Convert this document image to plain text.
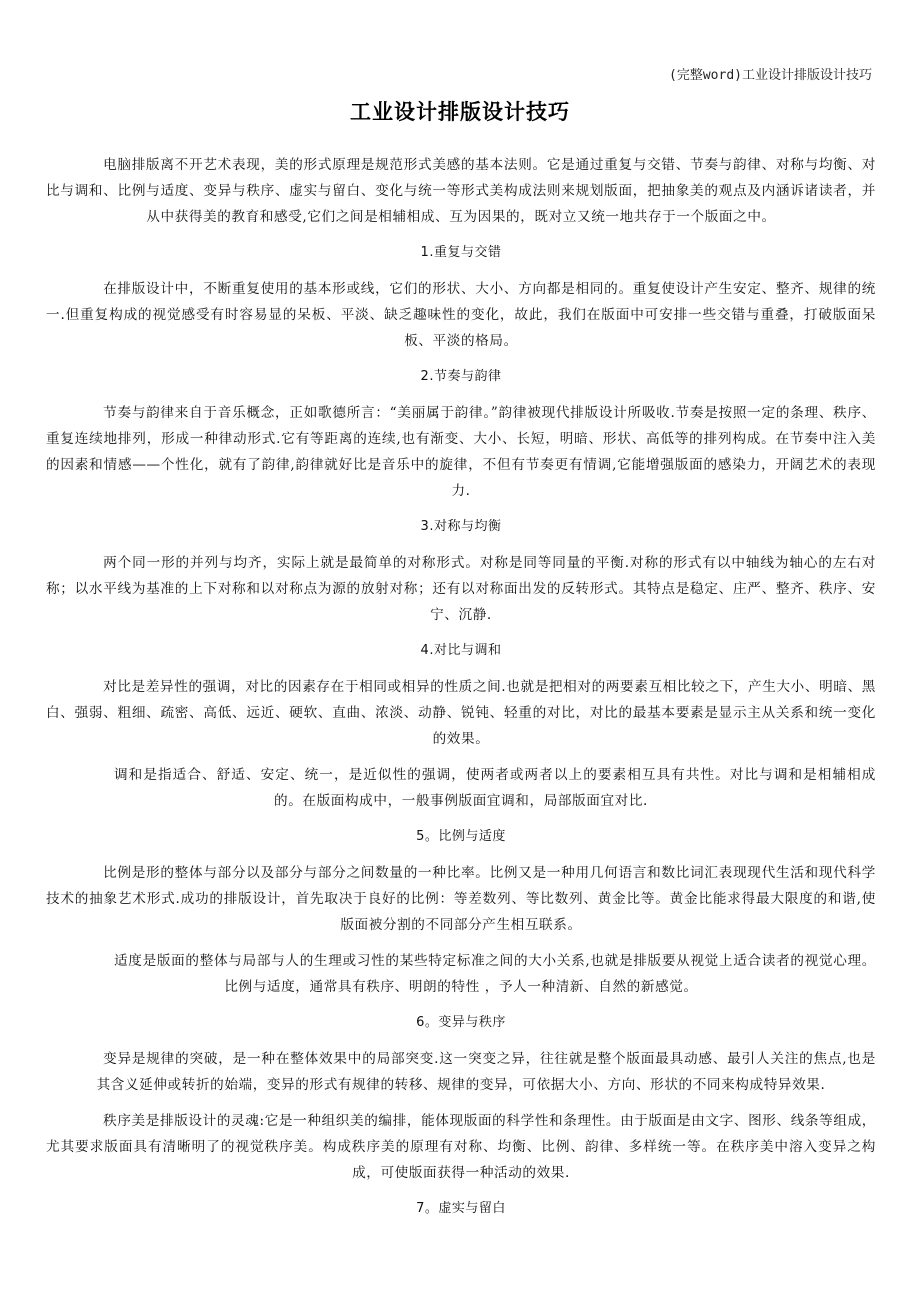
(完整word)工业设计排版设计技巧
工业设计排版设计技巧

电脑排版离不开艺术表现，美的形式原理是规范形式美感的基本法则。它是通过重复与交错、节奏与韵律、对称与均衡、对比与调和、比例与适度、变异与秩序、虚实与留白、变化与统一等形式美构成法则来规划版面，把抽象美的观点及内涵诉诸读者，并从中获得美的教育和感受,它们之间是相辅相成、互为因果的，既对立又统一地共存于一个版面之中。

1.重复与交错

在排版设计中，不断重复使用的基本形或线，它们的形状、大小、方向都是相同的。重复使设计产生安定、整齐、规律的统一.但重复构成的视觉感受有时容易显的呆板、平淡、缺乏趣味性的变化，故此，我们在版面中可安排一些交错与重叠，打破版面呆板、平淡的格局。

2.节奏与韵律

节奏与韵律来自于音乐概念，正如歌德所言：“美丽属于韵律。”韵律被现代排版设计所吸收.节奏是按照一定的条理、秩序、重复连续地排列，形成一种律动形式.它有等距离的连续,也有渐变、大小、长短，明暗、形状、高低等的排列构成。在节奏中注入美的因素和情感——个性化，就有了韵律,韵律就好比是音乐中的旋律，不但有节奏更有情调,它能增强版面的感染力，开阔艺术的表现力.

3.对称与均衡

两个同一形的并列与均齐，实际上就是最简单的对称形式。对称是同等同量的平衡.对称的形式有以中轴线为轴心的左右对称；以水平线为基准的上下对称和以对称点为源的放射对称；还有以对称面出发的反转形式。其特点是稳定、庄严、整齐、秩序、安宁、沉静.

4.对比与调和

对比是差异性的强调，对比的因素存在于相同或相异的性质之间.也就是把相对的两要素互相比较之下，产生大小、明暗、黑白、强弱、粗细、疏密、高低、远近、硬软、直曲、浓淡、动静、锐钝、轻重的对比，对比的最基本要素是显示主从关系和统一变化的效果。

调和是指适合、舒适、安定、统一，是近似性的强调，使两者或两者以上的要素相互具有共性。对比与调和是相辅相成的。在版面构成中，一般事例版面宜调和，局部版面宜对比.

5。比例与适度

比例是形的整体与部分以及部分与部分之间数量的一种比率。比例又是一种用几何语言和数比词汇表现现代生活和现代科学技术的抽象艺术形式.成功的排版设计，首先取决于良好的比例：等差数列、等比数列、黄金比等。黄金比能求得最大限度的和谐,使版面被分割的不同部分产生相互联系。

适度是版面的整体与局部与人的生理或习性的某些特定标准之间的大小关系,也就是排版要从视觉上适合读者的视觉心理。比例与适度，通常具有秩序、明朗的特性 ，予人一种清新、自然的新感觉。

6。变异与秩序

变异是规律的突破，是一种在整体效果中的局部突变.这一突变之异，往往就是整个版面最具动感、最引人关注的焦点,也是其含义延伸或转折的始端，变异的形式有规律的转移、规律的变异，可依据大小、方向、形状的不同来构成特异效果.

秩序美是排版设计的灵魂:它是一种组织美的编排，能体现版面的科学性和条理性。由于版面是由文字、图形、线条等组成，尤其要求版面具有清晰明了的视觉秩序美。构成秩序美的原理有对称、均衡、比例、韵律、多样统一等。在秩序美中溶入变异之构成，可使版面获得一种活动的效果.

7。虚实与留白
